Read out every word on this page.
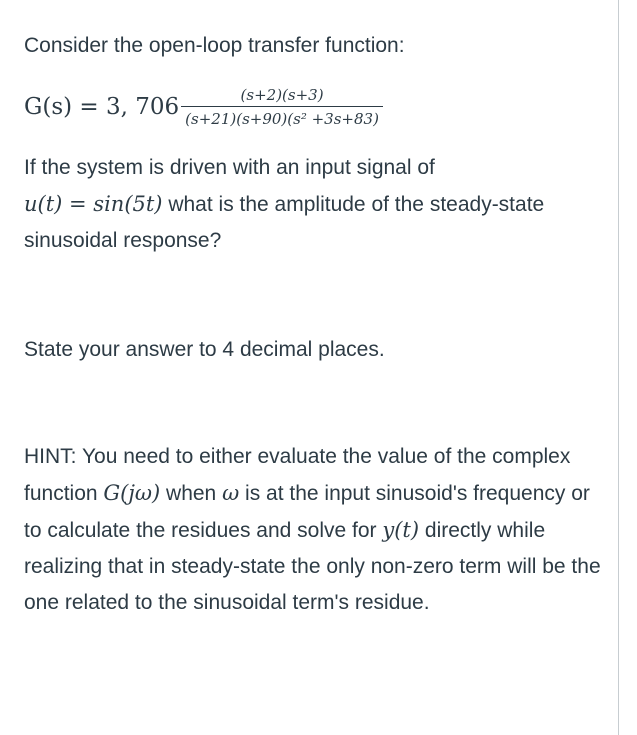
Consider the open-loop transfer function:

G(s) = 3, $706 \frac{(s+2)(s+3)}{\text{(s+21)(s+90)(s² +3s+83)}}$

If the system is driven with an input signal of
u(t) = sin(5t) what is the amplitude of the steady-state sinusoidal response?

State your answer to 4 decimal places.

HINT: You need to either evaluate the value of the complex function G(jω) when ω is at the input sinusoid's frequency or to calculate the residues and solve for y(t) directly while realizing that in steady-state the only non-zero term will be the one related to the sinusoidal term's residue.
